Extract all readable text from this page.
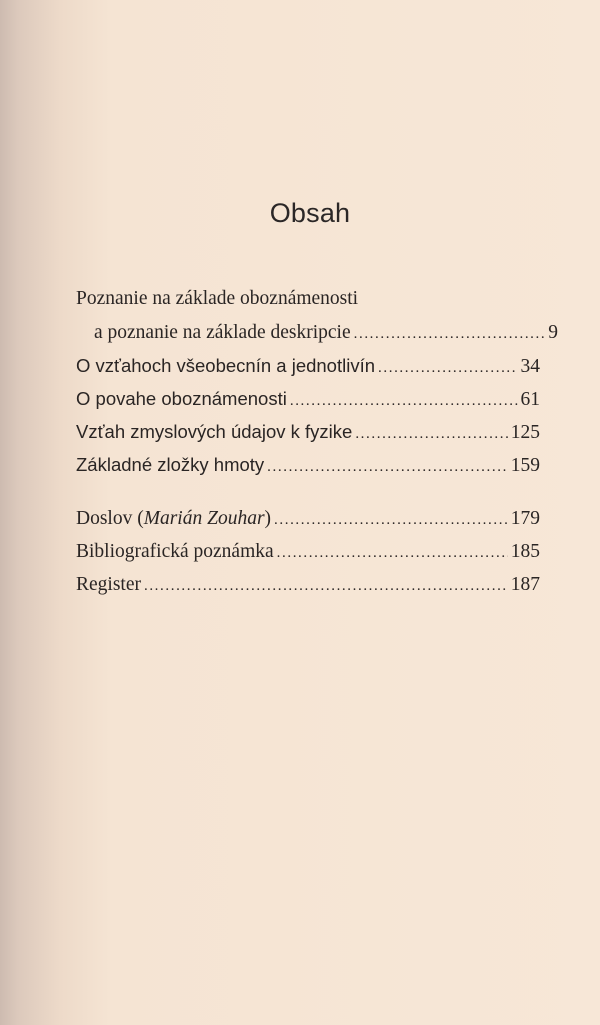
Obsah
Poznanie na základe oboznámenosti
a poznanie na základe deskripcie .....	9
O vzťahoch všeobecnín a jednotlivín .....	34
O povahe oboznámenosti .....	61
Vzťah zmyslových údajov k fyzike .....	125
Základné zložky hmoty .....	159
Doslov (Marián Zouhar) .....	179
Bibliografická poznámka .....	185
Register .....	187
